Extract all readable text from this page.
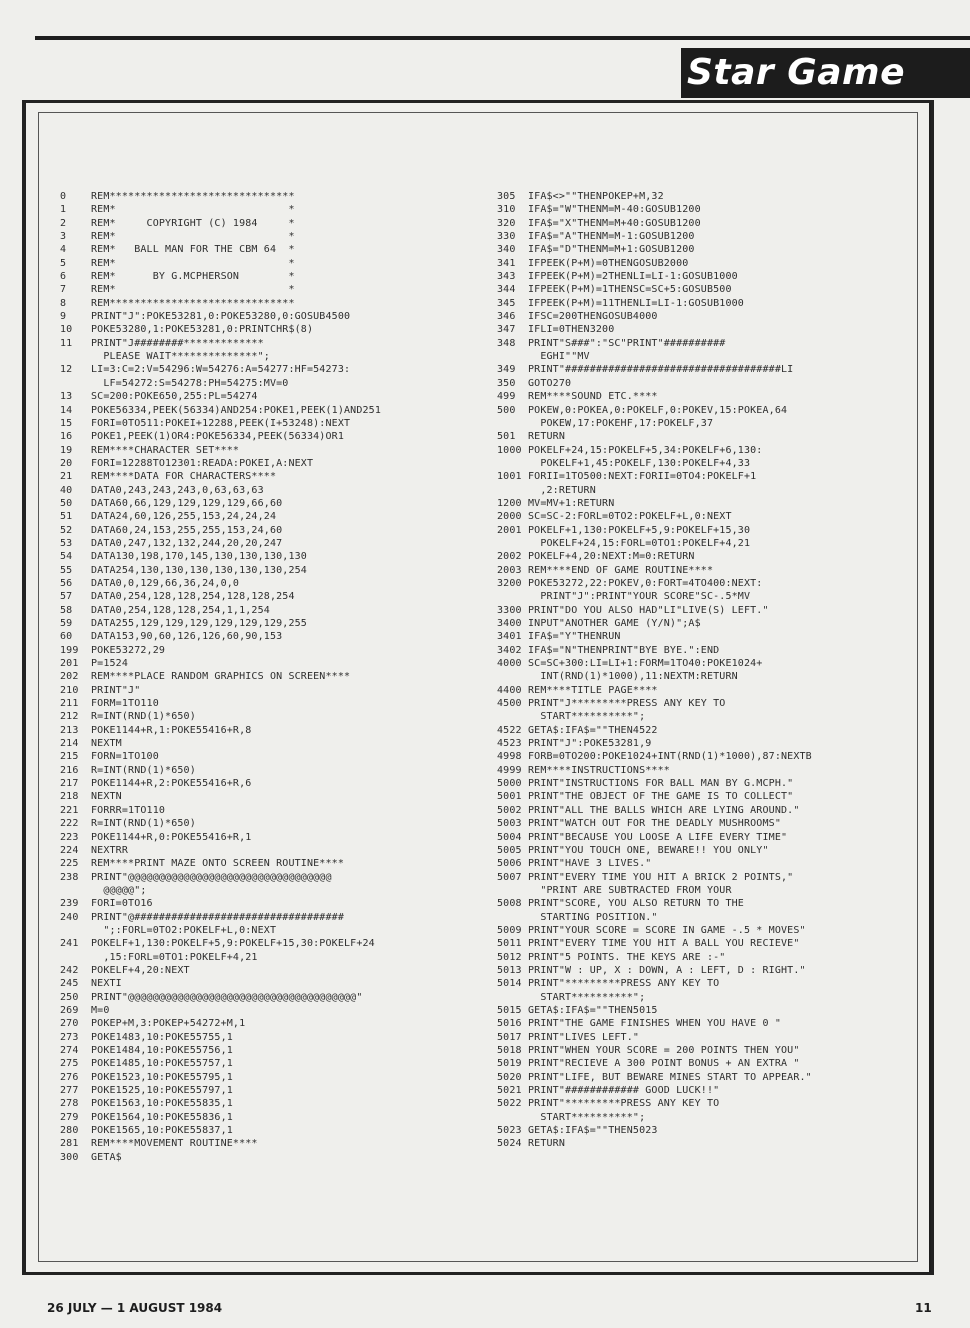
Star Game
0 REM******************************
1 REM*                            *
2 REM*     COPYRIGHT (C) 1984     *
3 REM*                            *
4 REM*   BALL MAN FOR THE CBM 64  *
5 REM*                            *
6 REM*      BY G.MCPHERSON        *
7 REM*                            *
8 REM******************************
9 PRINT"J":POKE53281,0:POKE53280,0:GOSUB4500
10 POKE53280,1:POKE53281,0:PRINTCHR$(8)
11 PRINT"J########*************
PLEASE WAIT**************";
12 LI=3:C=2:V=54296:W=54276:A=54277:HF=54273:
LF=54272:S=54278:PH=54275:MV=0
13 SC=200:POKE650,255:PL=54274
14 POKE56334,PEEK(56334)AND254:POKE1,PEEK(1)AND251
15 FORI=0TO511:POKEI+12288,PEEK(I+53248):NEXT
16 POKE1,PEEK(1)OR4:POKE56334,PEEK(56334)OR1
19 REM****CHARACTER SET****
20 FORI=12288TO12301:READA:POKEI,A:NEXT
21 REM****DATA FOR CHARACTERS****
40 DATA0,243,243,243,0,63,63,63
50 DATA60,66,129,129,129,129,66,60
51 DATA24,60,126,255,153,24,24,24
52 DATA60,24,153,255,255,153,24,60
53 DATA0,247,132,132,244,20,20,247
54 DATA130,198,170,145,130,130,130,130
55 DATA254,130,130,130,130,130,130,254
56 DATA0,0,129,66,36,24,0,0
57 DATA0,254,128,128,254,128,128,254
58 DATA0,254,128,128,254,1,1,254
59 DATA255,129,129,129,129,129,129,255
60 DATA153,90,60,126,126,60,90,153
199 POKE53272,29
201 P=1524
202 REM****PLACE RANDOM GRAPHICS ON SCREEN****
210 PRINT"J"
211 FORM=1TO110
212 R=INT(RND(1)*650)
213 POKE1144+R,1:POKE55416+R,8
214 NEXTM
215 FORN=1TO100
216 R=INT(RND(1)*650)
217 POKE1144+R,2:POKE55416+R,6
218 NEXTN
221 FORRR=1TO110
222 R=INT(RND(1)*650)
223 POKE1144+R,0:POKE55416+R,1
224 NEXTRR
225 REM****PRINT MAZE ONTO SCREEN ROUTINE****
238 PRINT"@@@@@@@@@@@@@@@@@@@@@@@@@@@@@@@@@
@@@@@";
239 FORI=0TO16
240 PRINT"@##################################
";:FORL=0TO2:POKELF+L,0:NEXT
241 POKELF+1,130:POKELF+5,9:POKELF+15,30:POKELF+24
,15:FORL=0TO1:POKELF+4,21
242 POKELF+4,20:NEXT
245 NEXTI
250 PRINT"@@@@@@@@@@@@@@@@@@@@@@@@@@@@@@@@@@@@@"
269 M=0
270 POKEP+M,3:POKEP+54272+M,1
273 POKE1483,10:POKE55755,1
274 POKE1484,10:POKE55756,1
275 POKE1485,10:POKE55757,1
276 POKE1523,10:POKE55795,1
277 POKE1525,10:POKE55797,1
278 POKE1563,10:POKE55835,1
279 POKE1564,10:POKE55836,1
280 POKE1565,10:POKE55837,1
281 REM****MOVEMENT ROUTINE****
300 GETA$
305 IFA$<>""THENPOKEP+M,32
310 IFA$="W"THENM=M-40:GOSUB1200
320 IFA$="X"THENM=M+40:GOSUB1200
330 IFA$="A"THENM=M-1:GOSUB1200
340 IFA$="D"THENM=M+1:GOSUB1200
341 IFPEEK(P+M)=0THENGOSUB2000
343 IFPEEK(P+M)=2THENLI=LI-1:GOSUB1000
344 IFPEEK(P+M)=1THENSC=SC+5:GOSUB500
345 IFPEEK(P+M)=11THENLI=LI-1:GOSUB1000
346 IFSC=200THENGOSUB4000
347 IFLI=0THEN3200
348 PRINT"S###":"SC"PRINT"##########
EGHI""MV
349 PRINT"###################################LI
350 GOTO270
499 REM****SOUND ETC.****
500 POKEW,0:POKEA,0:POKELF,0:POKEV,15:POKEA,64
POKEW,17:POKEHF,17:POKELF,37
501 RETURN
1000 POKELF+24,15:POKELF+5,34:POKELF+6,130:
POKELF+1,45:POKELF,130:POKELF+4,33
1001 FORII=1TO500:NEXT:FORII=0TO4:POKELF+1
,2:RETURN
1200 MV=MV+1:RETURN
2000 SC=SC-2:FORL=0TO2:POKELF+L,0:NEXT
2001 POKELF+1,130:POKELF+5,9:POKELF+15,30
POKELF+24,15:FORL=0TO1:POKELF+4,21
2002 POKELF+4,20:NEXT:M=0:RETURN
2003 REM****END OF GAME ROUTINE****
3200 POKE53272,22:POKEV,0:FORT=4TO400:NEXT:
PRINT"J":PRINT"YOUR SCORE"SC-.5*MV
3300 PRINT"DO YOU ALSO HAD"LI"LIVE(S) LEFT."
3400 INPUT"ANOTHER GAME (Y/N)";A$
3401 IFA$="Y"THENRUN
3402 IFA$="N"THENPRINT"BYE BYE.":END
4000 SC=SC+300:LI=LI+1:FORM=1TO40:POKE1024+
INT(RND(1)*1000),11:NEXTM:RETURN
4400 REM****TITLE PAGE****
4500 PRINT"J*********PRESS ANY KEY TO
START**********";
4522 GETA$:IFA$=""THEN4522
4523 PRINT"J":POKE53281,9
4998 FORB=0TO200:POKE1024+INT(RND(1)*1000),87:NEXTB
4999 REM****INSTRUCTIONS****
5000 PRINT"INSTRUCTIONS FOR BALL MAN BY G.MCPH."
5001 PRINT"THE OBJECT OF THE GAME IS TO COLLECT"
5002 PRINT"ALL THE BALLS WHICH ARE LYING AROUND."
5003 PRINT"WATCH OUT FOR THE DEADLY MUSHROOMS"
5004 PRINT"BECAUSE YOU LOOSE A LIFE EVERY TIME"
5005 PRINT"YOU TOUCH ONE, BEWARE!! YOU ONLY"
5006 PRINT"HAVE 3 LIVES."
5007 PRINT"EVERY TIME YOU HIT A BRICK 2 POINTS,"
"PRINT ARE SUBTRACTED FROM YOUR
5008 PRINT"SCORE, YOU ALSO RETURN TO THE
STARTING POSITION."
5009 PRINT"YOUR SCORE = SCORE IN GAME -.5 * MOVES"
5011 PRINT"EVERY TIME YOU HIT A BALL YOU RECIEVE"
5012 PRINT"5 POINTS. THE KEYS ARE :-"
5013 PRINT"W : UP, X : DOWN, A : LEFT, D : RIGHT."
5014 PRINT"*********PRESS ANY KEY TO
START**********";
5015 GETA$:IFA$=""THEN5015
5016 PRINT"THE GAME FINISHES WHEN YOU HAVE 0 "
5017 PRINT"LIVES LEFT."
5018 PRINT"WHEN YOUR SCORE = 200 POINTS THEN YOU"
5019 PRINT"RECIEVE A 300 POINT BONUS + AN EXTRA "
5020 PRINT"LIFE, BUT BEWARE MINES START TO APPEAR."
5021 PRINT"############ GOOD LUCK!!"
5022 PRINT"*********PRESS ANY KEY TO
START**********";
5023 GETA$:IFA$=""THEN5023
5024 RETURN
26 JULY — 1 AUGUST 1984	11
